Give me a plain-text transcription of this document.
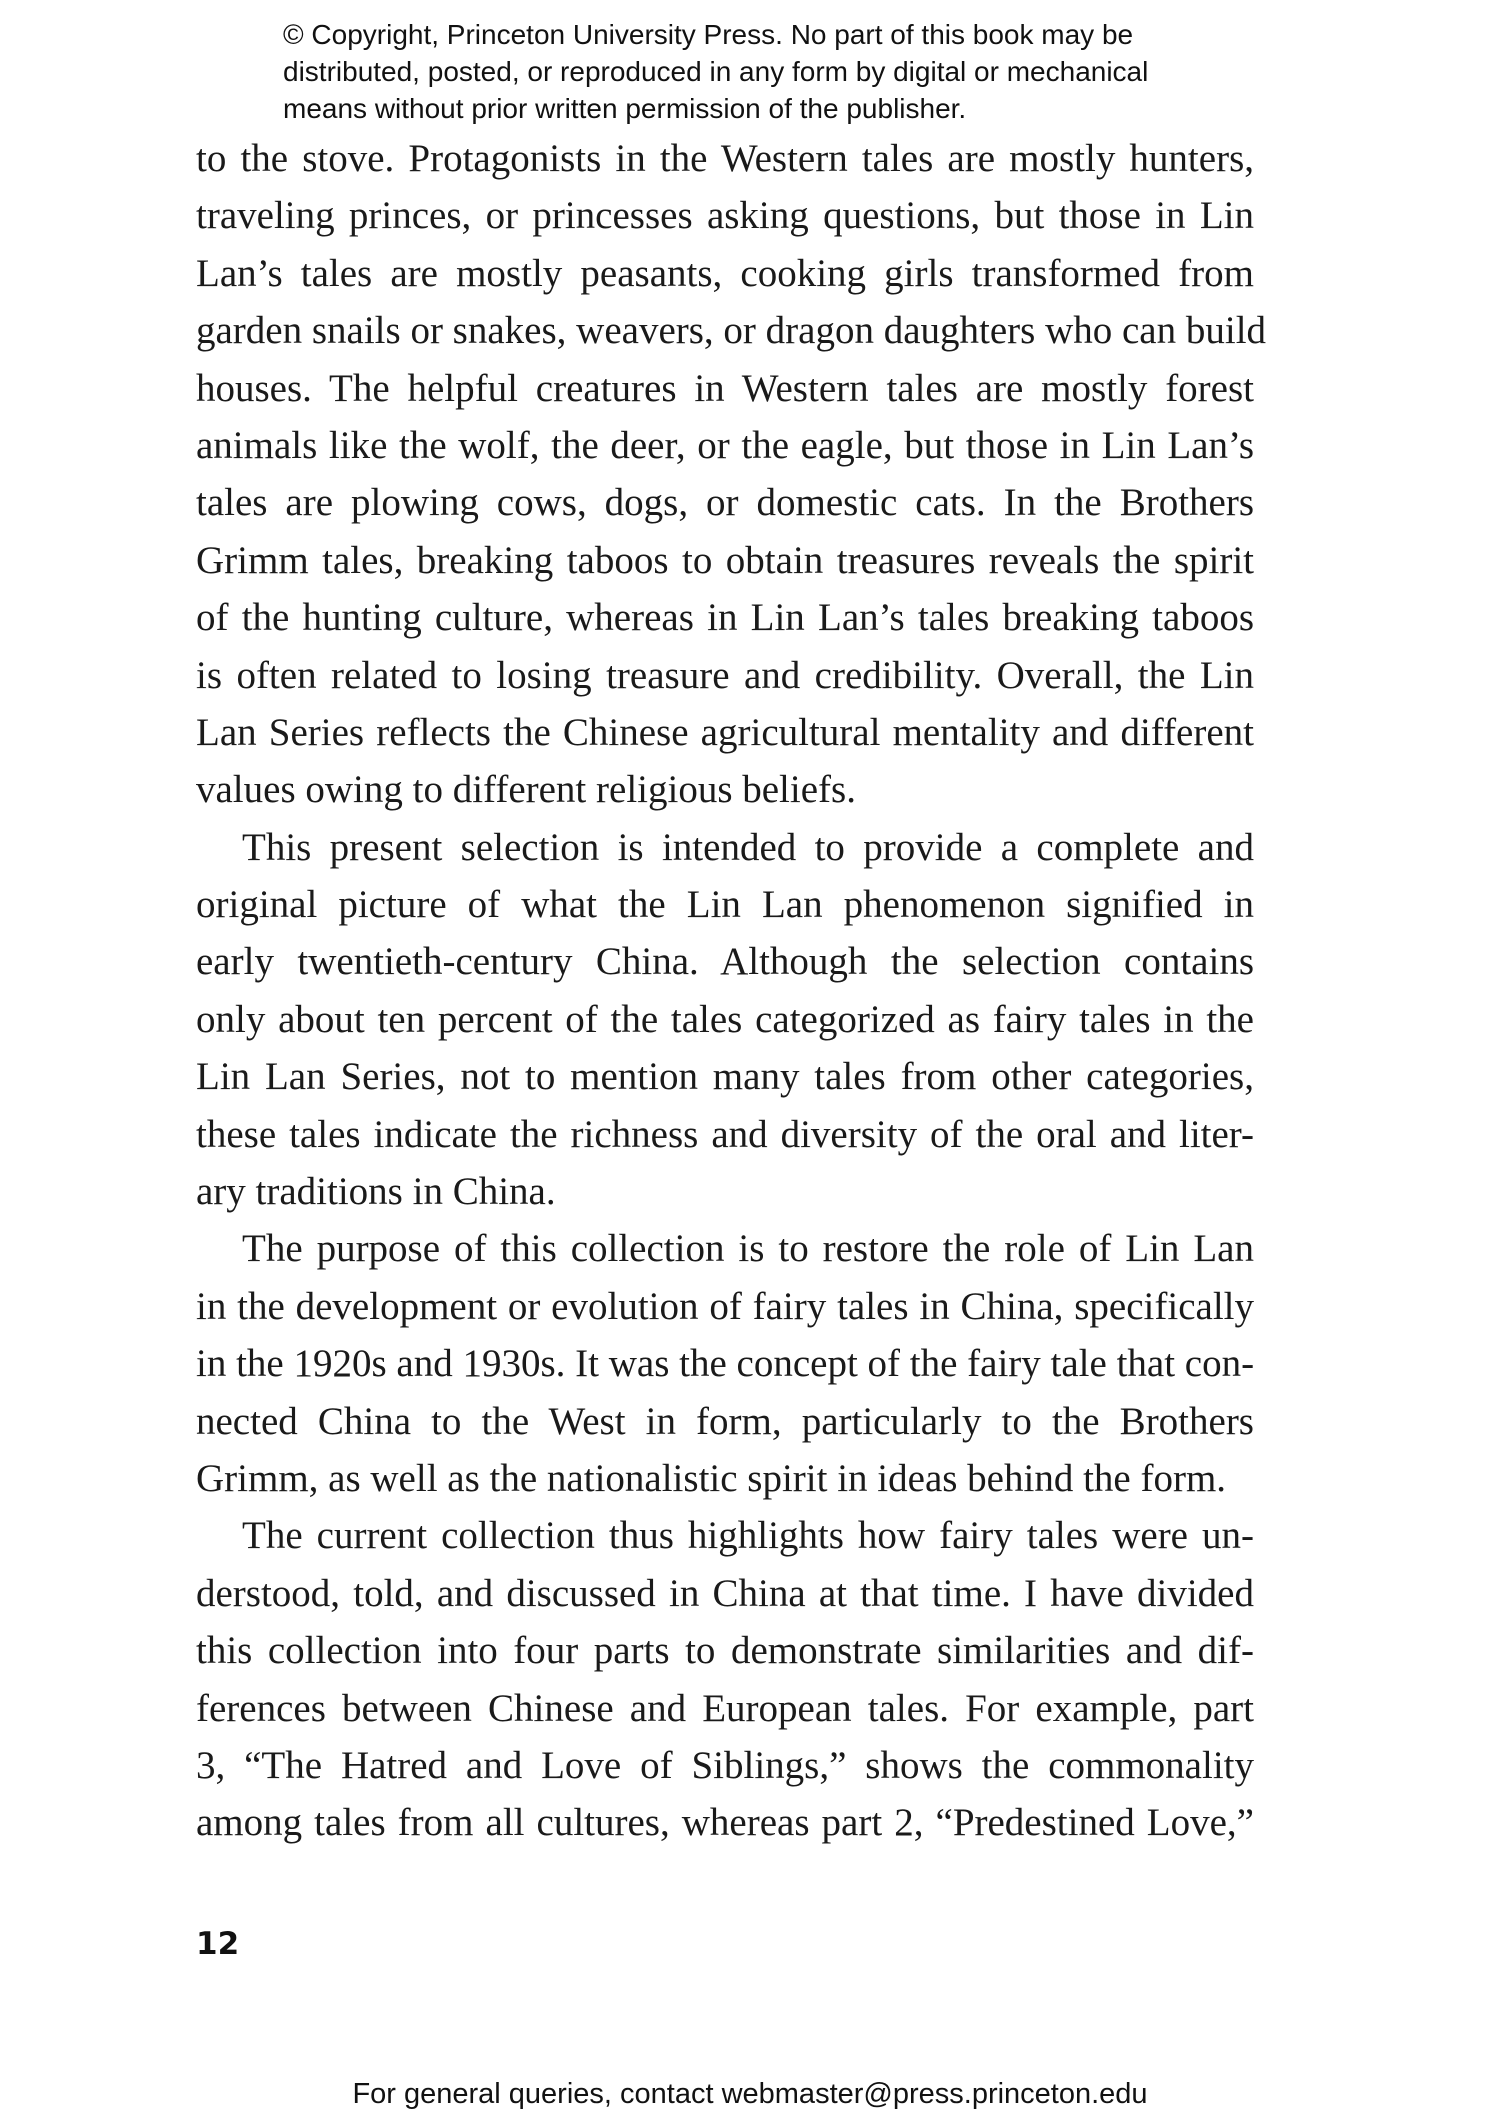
© Copyright, Princeton University Press. No part of this book may be
distributed, posted, or reproduced in any form by digital or mechanical
means without prior written permission of the publisher.
to the stove. Protagonists in the Western tales are mostly hunters,
traveling princes, or princesses asking questions, but those in Lin
Lan’s tales are mostly peasants, cooking girls transformed from
garden snails or snakes, weavers, or dragon daughters who can build
houses. The helpful creatures in Western tales are mostly forest
animals like the wolf, the deer, or the eagle, but those in Lin Lan’s
tales are plowing cows, dogs, or domestic cats. In the Brothers
Grimm tales, breaking taboos to obtain treasures reveals the spirit
of the hunting culture, whereas in Lin Lan’s tales breaking taboos
is often related to losing treasure and credibility. Overall, the Lin
Lan Series reflects the Chinese agricultural mentality and different
values owing to different religious beliefs.
This present selection is intended to provide a complete and
original picture of what the Lin Lan phenomenon signified in
early twentieth-century China. Although the selection contains
only about ten percent of the tales categorized as fairy tales in the
Lin Lan Series, not to mention many tales from other categories,
these tales indicate the richness and diversity of the oral and liter-
ary traditions in China.
The purpose of this collection is to restore the role of Lin Lan
in the development or evolution of fairy tales in China, specifically
in the 1920s and 1930s. It was the concept of the fairy tale that con-
nected China to the West in form, particularly to the Brothers
Grimm, as well as the nationalistic spirit in ideas behind the form.
The current collection thus highlights how fairy tales were un-
derstood, told, and discussed in China at that time. I have divided
this collection into four parts to demonstrate similarities and dif-
ferences between Chinese and European tales. For example, part
3, “The Hatred and Love of Siblings,” shows the commonality
among tales from all cultures, whereas part 2, “Predestined Love,”

12

For general queries, contact webmaster@press.princeton.edu
